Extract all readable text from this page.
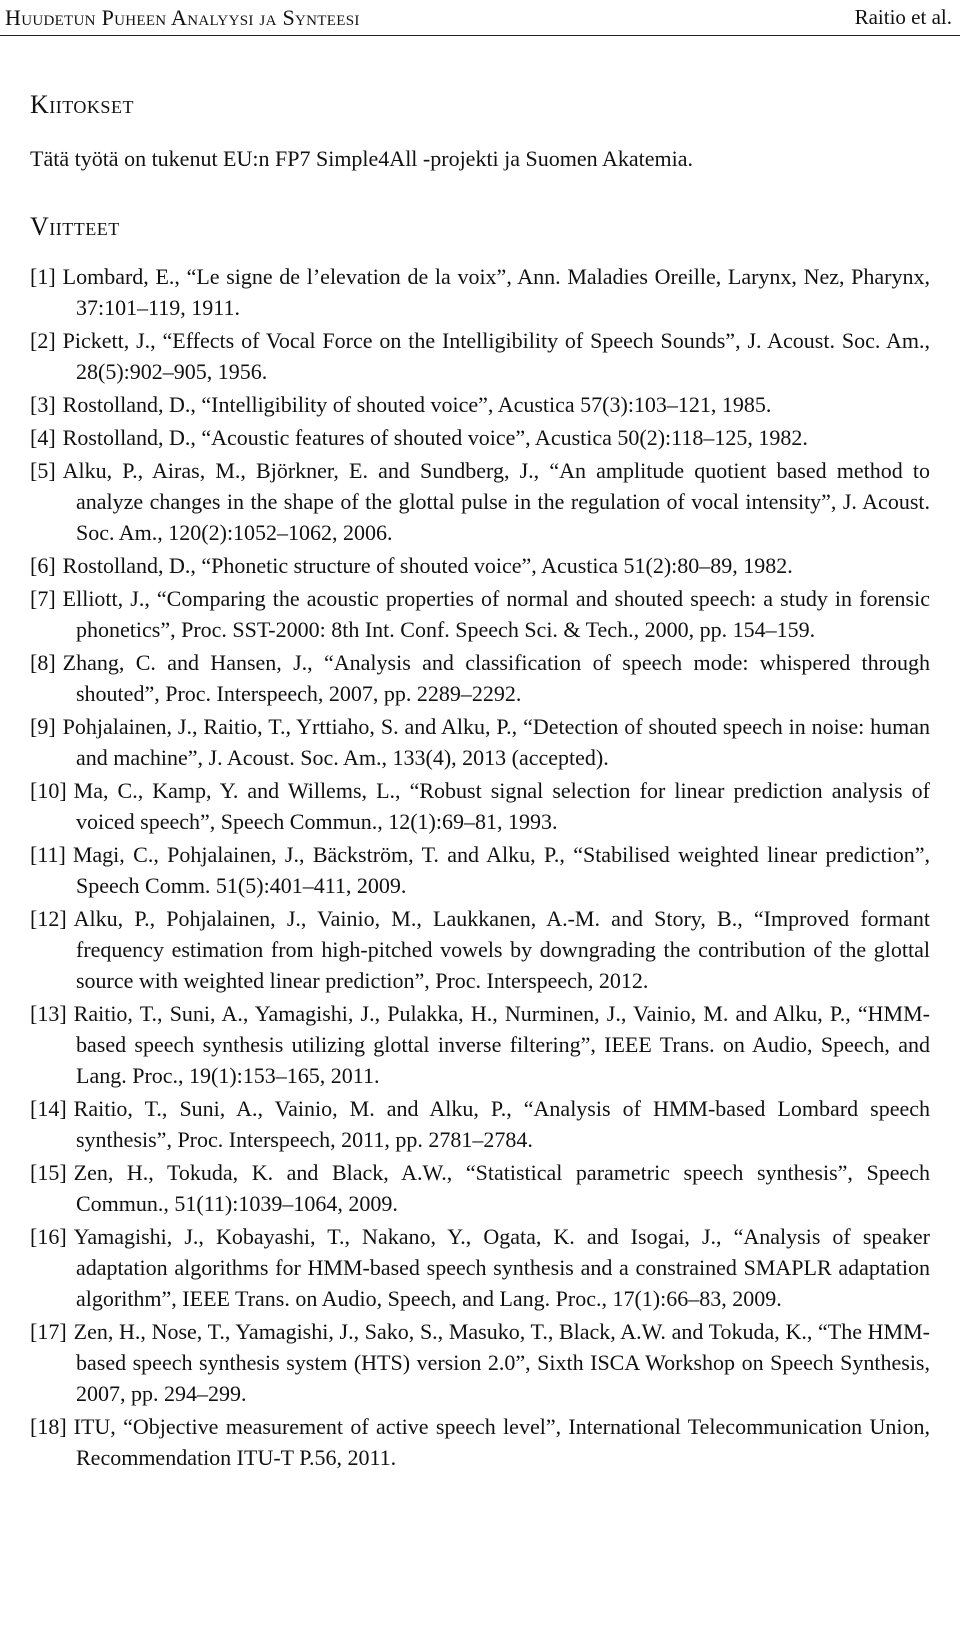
Huudetun Puheen Analyysi ja Synteesi	Raitio et al.
Kiitokset

Tätä työtä on tukenut EU:n FP7 Simple4All -projekti ja Suomen Akatemia.

Viitteet
[1] Lombard, E., “Le signe de l’elevation de la voix”, Ann. Maladies Oreille, Larynx, Nez, Pharynx, 37:101–119, 1911.
[2] Pickett, J., “Effects of Vocal Force on the Intelligibility of Speech Sounds”, J. Acoust. Soc. Am., 28(5):902–905, 1956.
[3] Rostolland, D., “Intelligibility of shouted voice”, Acustica 57(3):103–121, 1985.
[4] Rostolland, D., “Acoustic features of shouted voice”, Acustica 50(2):118–125, 1982.
[5] Alku, P., Airas, M., Björkner, E. and Sundberg, J., “An amplitude quotient based method to analyze changes in the shape of the glottal pulse in the regulation of vocal intensity”, J. Acoust. Soc. Am., 120(2):1052–1062, 2006.
[6] Rostolland, D., “Phonetic structure of shouted voice”, Acustica 51(2):80–89, 1982.
[7] Elliott, J., “Comparing the acoustic properties of normal and shouted speech: a study in forensic phonetics”, Proc. SST-2000: 8th Int. Conf. Speech Sci. & Tech., 2000, pp. 154–159.
[8] Zhang, C. and Hansen, J., “Analysis and classification of speech mode: whispered through shouted”, Proc. Interspeech, 2007, pp. 2289–2292.
[9] Pohjalainen, J., Raitio, T., Yrttiaho, S. and Alku, P., “Detection of shouted speech in noise: human and machine”, J. Acoust. Soc. Am., 133(4), 2013 (accepted).
[10] Ma, C., Kamp, Y. and Willems, L., “Robust signal selection for linear prediction analysis of voiced speech”, Speech Commun., 12(1):69–81, 1993.
[11] Magi, C., Pohjalainen, J., Bäckström, T. and Alku, P., “Stabilised weighted linear prediction”, Speech Comm. 51(5):401–411, 2009.
[12] Alku, P., Pohjalainen, J., Vainio, M., Laukkanen, A.-M. and Story, B., “Improved formant frequency estimation from high-pitched vowels by downgrading the contribution of the glottal source with weighted linear prediction”, Proc. Interspeech, 2012.
[13] Raitio, T., Suni, A., Yamagishi, J., Pulakka, H., Nurminen, J., Vainio, M. and Alku, P., “HMM-based speech synthesis utilizing glottal inverse filtering”, IEEE Trans. on Audio, Speech, and Lang. Proc., 19(1):153–165, 2011.
[14] Raitio, T., Suni, A., Vainio, M. and Alku, P., “Analysis of HMM-based Lombard speech synthesis”, Proc. Interspeech, 2011, pp. 2781–2784.
[15] Zen, H., Tokuda, K. and Black, A.W., “Statistical parametric speech synthesis”, Speech Commun., 51(11):1039–1064, 2009.
[16] Yamagishi, J., Kobayashi, T., Nakano, Y., Ogata, K. and Isogai, J., “Analysis of speaker adaptation algorithms for HMM-based speech synthesis and a constrained SMAPLR adaptation algorithm”, IEEE Trans. on Audio, Speech, and Lang. Proc., 17(1):66–83, 2009.
[17] Zen, H., Nose, T., Yamagishi, J., Sako, S., Masuko, T., Black, A.W. and Tokuda, K., “The HMM-based speech synthesis system (HTS) version 2.0”, Sixth ISCA Workshop on Speech Synthesis, 2007, pp. 294–299.
[18] ITU, “Objective measurement of active speech level”, International Telecommunication Union, Recommendation ITU-T P.56, 2011.
